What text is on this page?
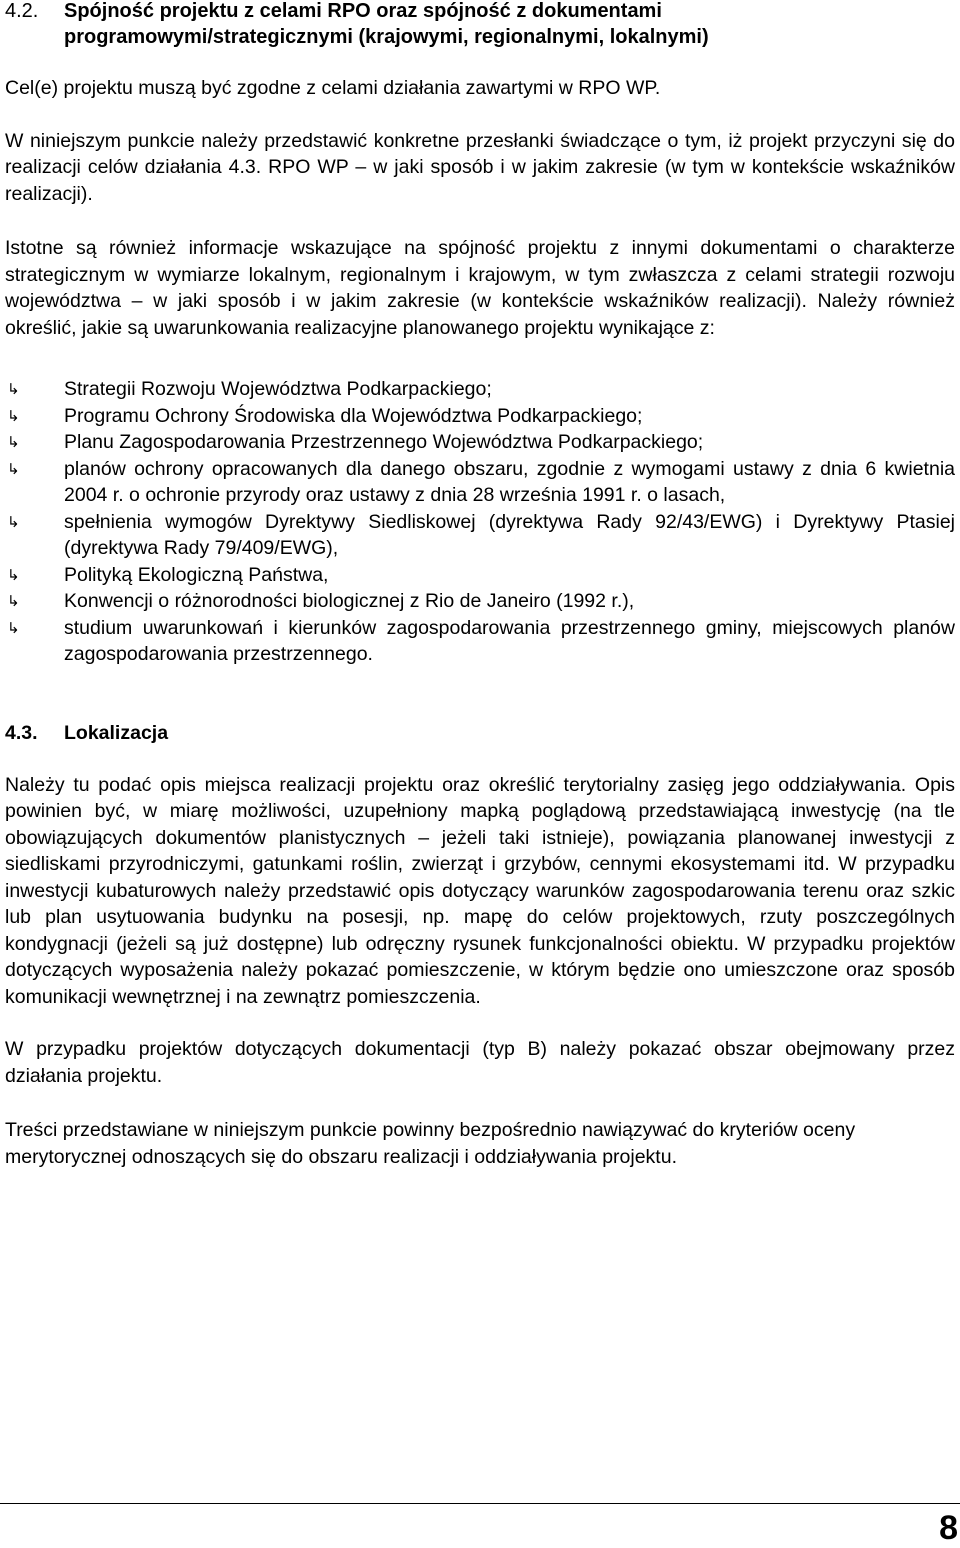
4.2. Spójność projektu z celami RPO oraz spójność z dokumentami programowymi/strategicznymi (krajowymi, regionalnymi, lokalnymi)

Cel(e) projektu muszą być zgodne z celami działania zawartymi w RPO WP.

W niniejszym punkcie należy przedstawić konkretne przesłanki świadczące o tym, iż projekt przyczyni się do realizacji celów działania 4.3. RPO WP – w jaki sposób i w jakim zakresie (w tym w kontekście wskaźników realizacji).

Istotne są również informacje wskazujące na spójność projektu z innymi dokumentami o charakterze strategicznym w wymiarze lokalnym, regionalnym i krajowym, w tym zwłaszcza z celami strategii rozwoju województwa – w jaki sposób i w jakim zakresie (w kontekście wskaźników realizacji). Należy również określić, jakie są uwarunkowania realizacyjne planowanego projektu wynikające z:

↳ Strategii Rozwoju Województwa Podkarpackiego;
↳ Programu Ochrony Środowiska dla Województwa Podkarpackiego;
↳ Planu Zagospodarowania Przestrzennego Województwa Podkarpackiego;
↳ planów ochrony opracowanych dla danego obszaru, zgodnie z wymogami ustawy z dnia 6 kwietnia 2004 r. o ochronie przyrody oraz ustawy z dnia 28 września 1991 r. o lasach,
↳ spełnienia wymogów Dyrektywy Siedliskowej (dyrektywa Rady 92/43/EWG) i Dyrektywy Ptasiej (dyrektywa Rady 79/409/EWG),
↳ Polityką Ekologiczną Państwa,
↳ Konwencji o różnorodności biologicznej z Rio de Janeiro (1992 r.),
↳ studium uwarunkowań i kierunków zagospodarowania przestrzennego gminy, miejscowych planów zagospodarowania przestrzennego.
4.3. Lokalizacja

Należy tu podać opis miejsca realizacji projektu oraz określić terytorialny zasięg jego oddziaływania. Opis powinien być, w miarę możliwości, uzupełniony mapką poglądową przedstawiającą inwestycję (na tle obowiązujących dokumentów planistycznych – jeżeli taki istnieje), powiązania planowanej inwestycji z siedliskami przyrodniczymi, gatunkami roślin, zwierząt i grzybów, cennymi ekosystemami itd. W przypadku inwestycji kubaturowych należy przedstawić opis dotyczący warunków zagospodarowania terenu oraz szkic lub plan usytuowania budynku na posesji, np. mapę do celów projektowych, rzuty poszczególnych kondygnacji (jeżeli są już dostępne) lub odręczny rysunek funkcjonalności obiektu. W przypadku projektów dotyczących wyposażenia należy pokazać pomieszczenie, w którym będzie ono umieszczone oraz sposób komunikacji wewnętrznej i na zewnątrz pomieszczenia.

W przypadku projektów dotyczących dokumentacji (typ B) należy pokazać obszar obejmowany przez działania projektu.

Treści przedstawiane w niniejszym punkcie powinny bezpośrednio nawiązywać do kryteriów oceny merytorycznej odnoszących się do obszaru realizacji i oddziaływania projektu.

8
